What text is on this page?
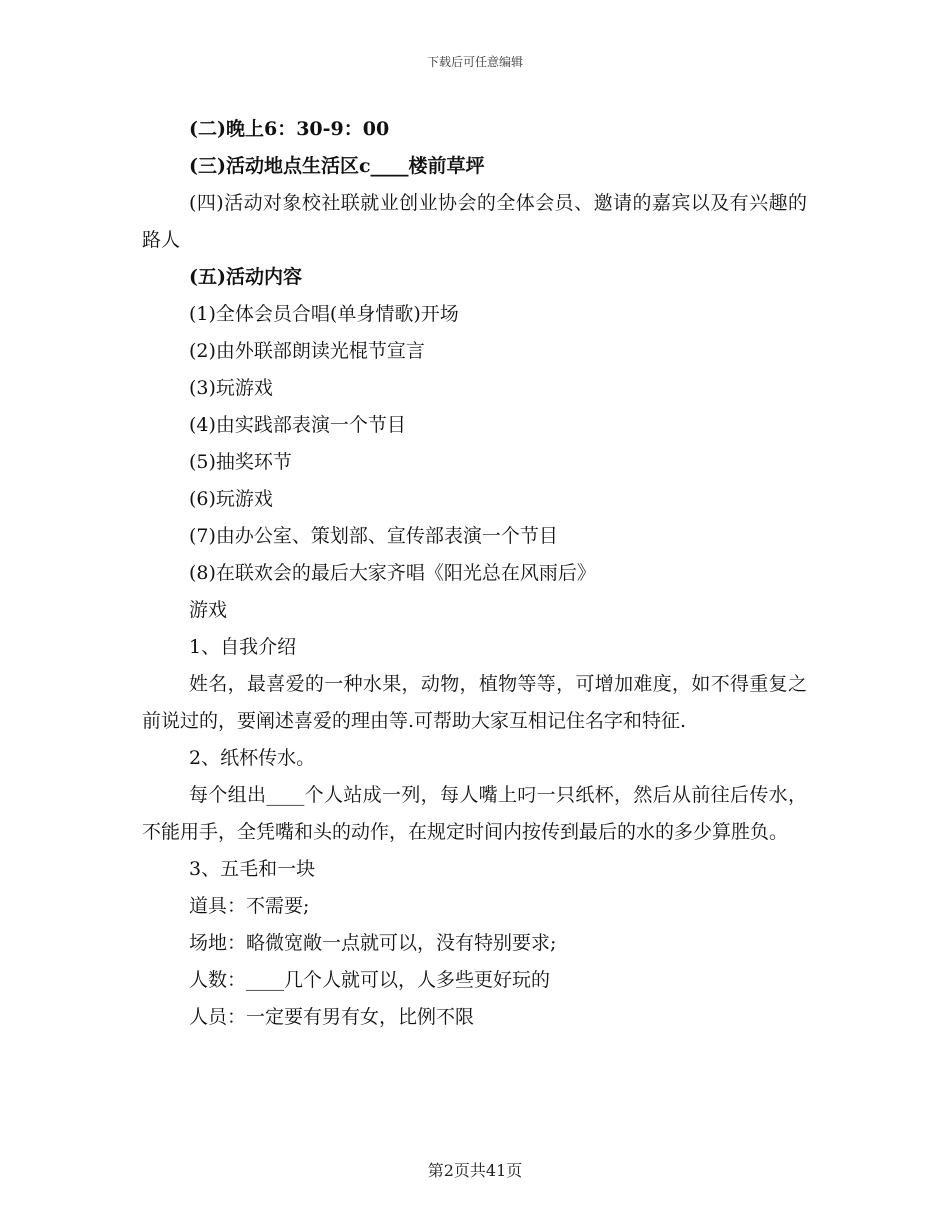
下载后可任意编辑

(二)晚上6：30-9：00

(三)活动地点生活区c____楼前草坪

(四)活动对象校社联就业创业协会的全体会员、邀请的嘉宾以及有兴趣的路人

(五)活动内容

(1)全体会员合唱(单身情歌)开场

(2)由外联部朗读光棍节宣言

(3)玩游戏

(4)由实践部表演一个节目

(5)抽奖环节

(6)玩游戏

(7)由办公室、策划部、宣传部表演一个节目

(8)在联欢会的最后大家齐唱《阳光总在风雨后》

游戏

1、自我介绍

姓名，最喜爱的一种水果，动物，植物等等，可增加难度，如不得重复之前说过的，要阐述喜爱的理由等.可帮助大家互相记住名字和特征.

2、纸杯传水。

每个组出____个人站成一列，每人嘴上叼一只纸杯，然后从前往后传水，不能用手，全凭嘴和头的动作，在规定时间内按传到最后的水的多少算胜负。

3、五毛和一块

道具：不需要;

场地：略微宽敞一点就可以，没有特别要求;

人数：____几个人就可以，人多些更好玩的

人员：一定要有男有女，比例不限

第2页共41页
